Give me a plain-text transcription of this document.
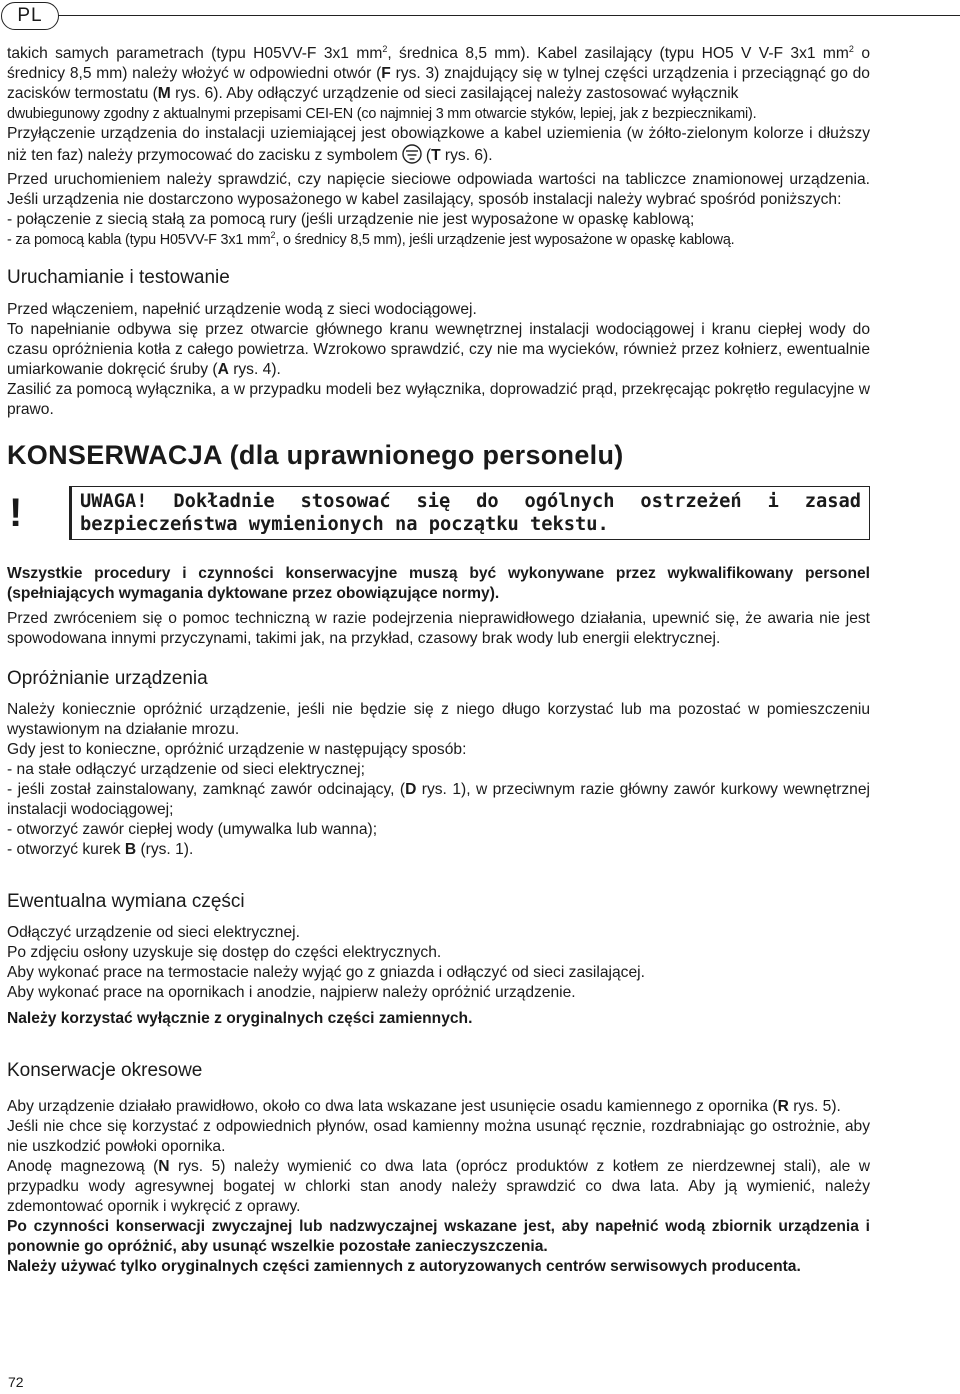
PL

takich samych parametrach (typu H05VV-F 3x1 $mm^2$, średnica 8,5 mm). Kabel zasilający (typu HO5 V V-F 3x1 $mm^2$ o średnicy 8,5 mm) należy włożyć w odpowiedni otwór (F rys. 3) znajdujący się w tylnej części urządzenia i przeciągnąć go do zacisków termostatu (M rys. 6). Aby odłączyć urządzenie od sieci zasilającej należy zastosować wyłącznik

dwubiegunowy zgodny z aktualnymi przepisami CEI-EN (co najmniej 3 mm otwarcie styków, lepiej, jak z bezpiecznikami).

Przyłączenie urządzenia do instalacji uziemiającej jest obowiązkowe a kabel uziemienia (w żółto-zielonym kolorze i dłuższy niż ten faz) należy przymocować do zacisku z symbolem (T rys. 6).

Przed uruchomieniem należy sprawdzić, czy napięcie sieciowe odpowiada wartości na tabliczce znamionowej urządzenia. Jeśli urządzenia nie dostarczono wyposażonego w kabel zasilający, sposób instalacji należy wybrać spośród poniższych:

- połączenie z siecią stałą za pomocą rury (jeśli urządzenie nie jest wyposażone w opaskę kablową;

- za pomocą kabla (typu H05VV-F 3x1 $mm^2$, o średnicy 8,5 mm), jeśli urządzenie jest wyposażone w opaskę kablową.

Uruchamianie i testowanie

Przed włączeniem, napełnić urządzenie wodą z sieci wodociągowej.

To napełnianie odbywa się przez otwarcie głównego kranu wewnętrznej instalacji wodociągowej i kranu ciepłej wody do czasu opróżnienia kotła z całego powietrza. Wzrokowo sprawdzić, czy nie ma wycieków, również przez kołnierz, ewentualnie umiarkowanie dokręcić śruby (A rys. 4).

Zasilić za pomocą wyłącznika, a w przypadku modeli bez wyłącznika, doprowadzić prąd, przekręcając pokrętło regulacyjne w prawo.

KONSERWACJA (dla uprawnionego personelu)
!	UWAGA! Dokładnie stosować się do ogólnych ostrzeżeń i zasad bezpieczeństwa wymienionych na początku tekstu.

Wszystkie procedury i czynności konserwacyjne muszą być wykonywane przez wykwalifikowany personel (spełniających wymagania dyktowane przez obowiązujące normy).

Przed zwróceniem się o pomoc techniczną w razie podejrzenia nieprawidłowego działania, upewnić się, że awaria nie jest spowodowana innymi przyczynami, takimi jak, na przykład, czasowy brak wody lub energii elektrycznej.

Opróżnianie urządzenia

Należy koniecznie opróżnić urządzenie, jeśli nie będzie się z niego długo korzystać lub ma pozostać w pomieszczeniu wystawionym na działanie mrozu.

Gdy jest to konieczne, opróżnić urządzenie w następujący sposób:

- na stałe odłączyć urządzenie od sieci elektrycznej;

- jeśli został zainstalowany, zamknąć zawór odcinający, (D rys. 1), w przeciwnym razie główny zawór kurkowy wewnętrznej instalacji wodociągowej;

- otworzyć zawór ciepłej wody (umywalka lub wanna);

- otworzyć kurek B (rys. 1).

Ewentualna wymiana części

Odłączyć urządzenie od sieci elektrycznej.

Po zdjęciu osłony uzyskuje się dostęp do części elektrycznych.

Aby wykonać prace na termostacie należy wyjąć go z gniazda i odłączyć od sieci zasilającej.

Aby wykonać prace na opornikach i anodzie, najpierw należy opróżnić urządzenie.

Należy korzystać wyłącznie z oryginalnych części zamiennych.

Konserwacje okresowe

Aby urządzenie działało prawidłowo, około co dwa lata wskazane jest usunięcie osadu kamiennego z opornika (R rys. 5).

Jeśli nie chce się korzystać z odpowiednich płynów, osad kamienny można usunąć ręcznie, rozdrabniając go ostrożnie, aby nie uszkodzić powłoki opornika.

Anodę magnezową (N rys. 5) należy wymienić co dwa lata (oprócz produktów z kotłem ze nierdzewnej stali), ale w przypadku wody agresywnej bogatej w chlorki stan anody należy sprawdzić co dwa lata. Aby ją wymienić, należy zdemontować opornik i wykręcić z oprawy.

Po czynności konserwacji zwyczajnej lub nadzwyczajnej wskazane jest, aby napełnić wodą zbiornik urządzenia i ponownie go opróżnić, aby usunąć wszelkie pozostałe zanieczyszczenia.

Należy używać tylko oryginalnych części zamiennych z autoryzowanych centrów serwisowych producenta.

72
